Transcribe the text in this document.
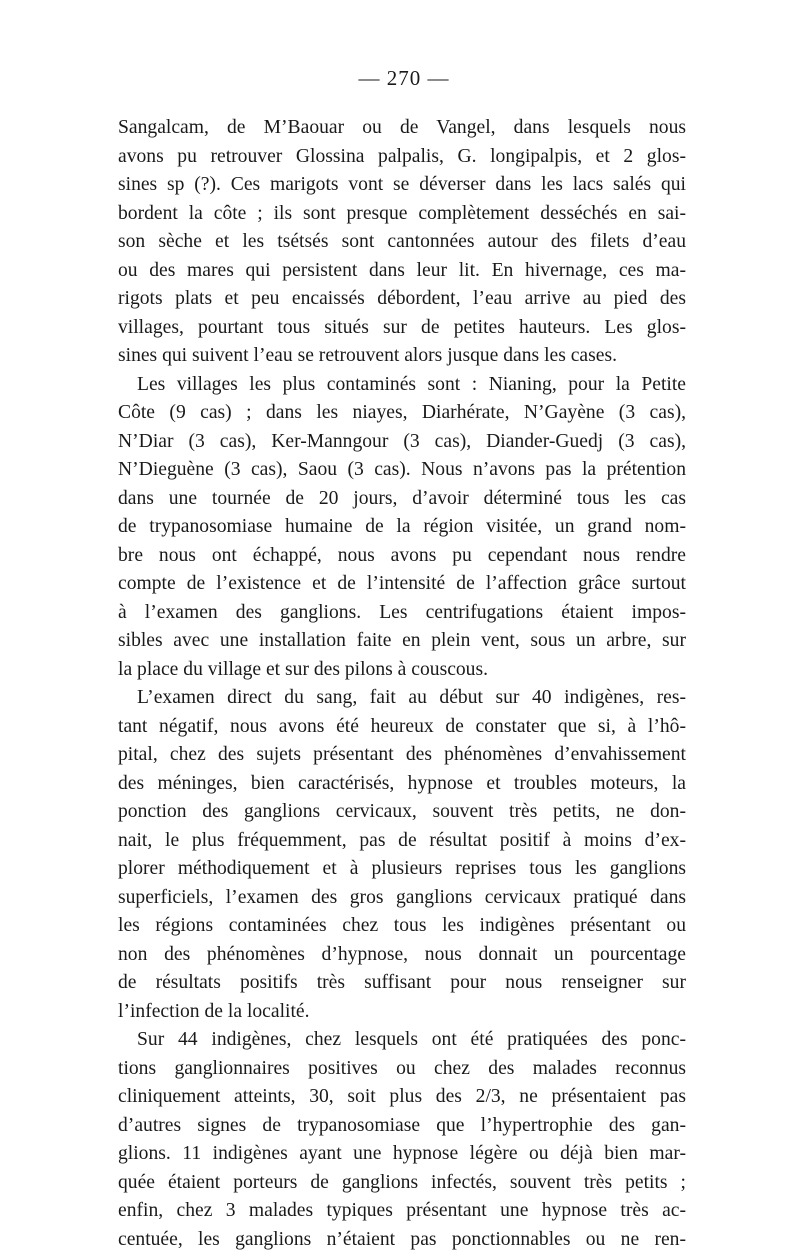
— 270 —
Sangalcam, de M’Baouar ou de Vangel, dans lesquels nous
avons pu retrouver Glossina palpalis, G. longipalpis, et 2 glos-
sines sp (?). Ces marigots vont se déverser dans les lacs salés qui
bordent la côte ; ils sont presque complètement desséchés en sai-
son sèche et les tsétsés sont cantonnées autour des filets d’eau
ou des mares qui persistent dans leur lit. En hivernage, ces ma-
rigots plats et peu encaissés débordent, l’eau arrive au pied des
villages, pourtant tous situés sur de petites hauteurs. Les glos-
sines qui suivent l’eau se retrouvent alors jusque dans les cases.
Les villages les plus contaminés sont : Nianing, pour la Petite
Côte (9 cas) ; dans les niayes, Diarhérate, N’Gayène (3 cas),
N’Diar (3 cas), Ker-Manngour (3 cas), Diander-Guedj (3 cas),
N’Dieguène (3 cas), Saou (3 cas). Nous n’avons pas la prétention
dans une tournée de 20 jours, d’avoir déterminé tous les cas
de trypanosomiase humaine de la région visitée, un grand nom-
bre nous ont échappé, nous avons pu cependant nous rendre
compte de l’existence et de l’intensité de l’affection grâce surtout
à l’examen des ganglions. Les centrifugations étaient impos-
sibles avec une installation faite en plein vent, sous un arbre, sur
la place du village et sur des pilons à couscous.
L’examen direct du sang, fait au début sur 40 indigènes, res-
tant négatif, nous avons été heureux de constater que si, à l’hô-
pital, chez des sujets présentant des phénomènes d’envahissement
des méninges, bien caractérisés, hypnose et troubles moteurs, la
ponction des ganglions cervicaux, souvent très petits, ne don-
nait, le plus fréquemment, pas de résultat positif à moins d’ex-
plorer méthodiquement et à plusieurs reprises tous les ganglions
superficiels, l’examen des gros ganglions cervicaux pratiqué dans
les régions contaminées chez tous les indigènes présentant ou
non des phénomènes d’hypnose, nous donnait un pourcentage
de résultats positifs très suffisant pour nous renseigner sur
l’infection de la localité.
Sur 44 indigènes, chez lesquels ont été pratiquées des ponc-
tions ganglionnaires positives ou chez des malades reconnus
cliniquement atteints, 30, soit plus des 2/3, ne présentaient pas
d’autres signes de trypanosomiase que l’hypertrophie des gan-
glions. 11 indigènes ayant une hypnose légère ou déjà bien mar-
quée étaient porteurs de ganglions infectés, souvent très petits ;
enfin, chez 3 malades typiques présentant une hypnose très ac-
centuée, les ganglions n’étaient pas ponctionnables ou ne ren-
